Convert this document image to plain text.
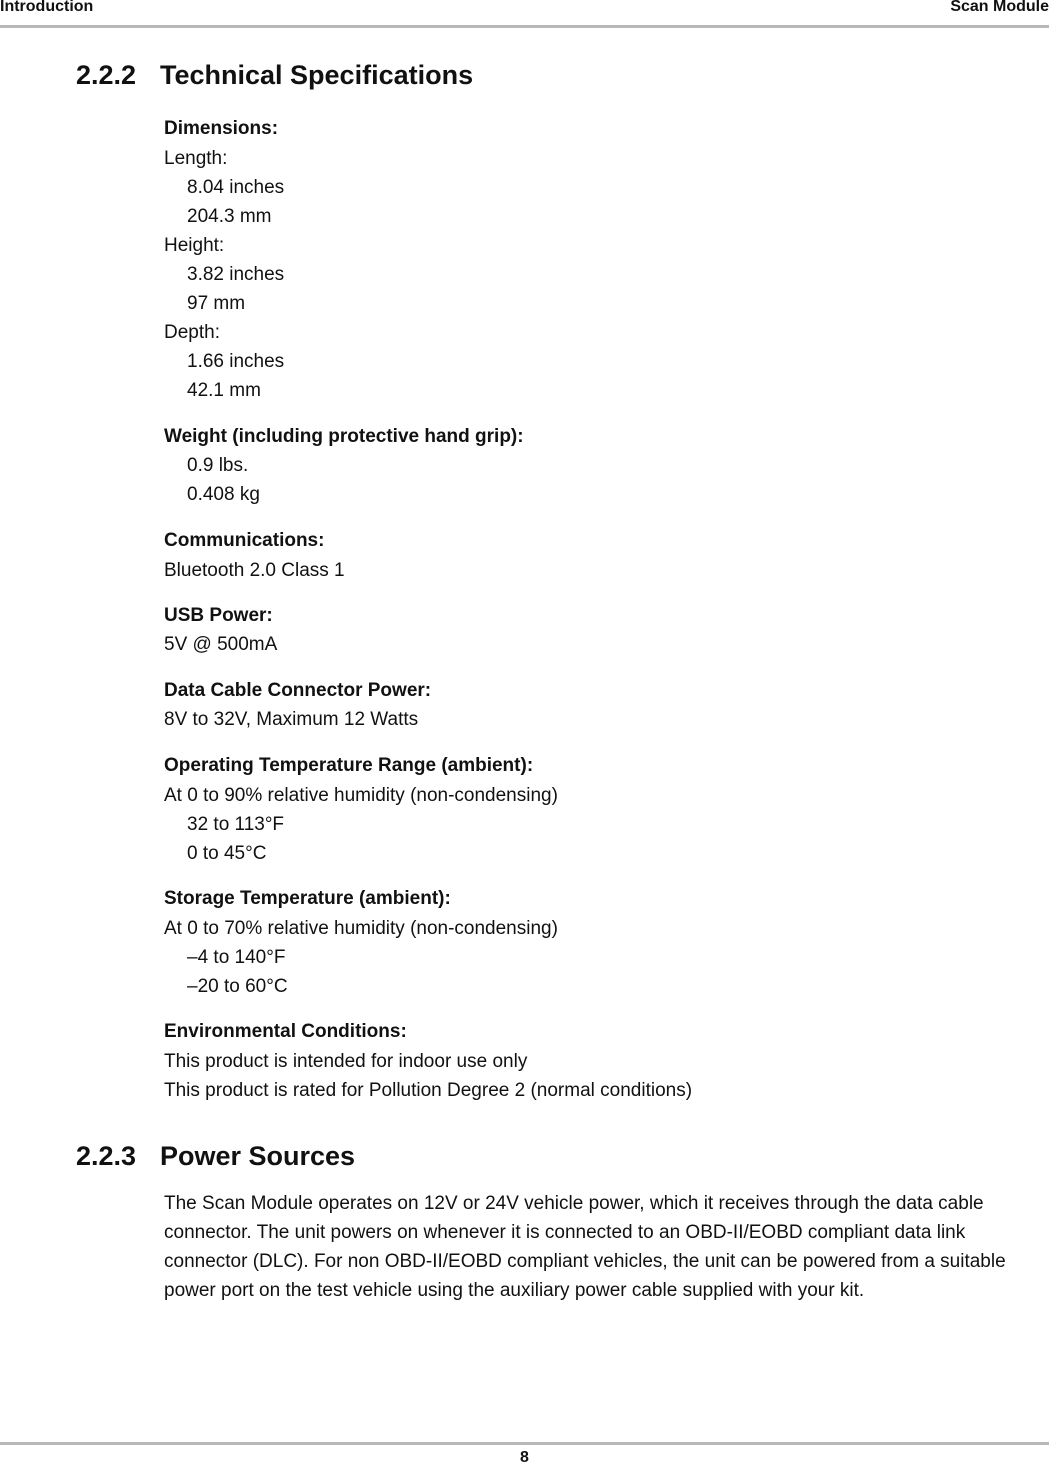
Introduction	Scan Module
2.2.2 Technical Specifications
Dimensions:
Length:
8.04 inches
204.3 mm
Height:
3.82 inches
97 mm
Depth:
1.66 inches
42.1 mm
Weight (including protective hand grip):
0.9 lbs.
0.408 kg
Communications:
Bluetooth 2.0 Class 1
USB Power:
5V @ 500mA
Data Cable Connector Power:
8V to 32V, Maximum 12 Watts
Operating Temperature Range (ambient):
At 0 to 90% relative humidity (non-condensing)
32 to 113°F
0 to 45°C
Storage Temperature (ambient):
At 0 to 70% relative humidity (non-condensing)
–4 to 140°F
–20 to 60°C
Environmental Conditions:
This product is intended for indoor use only
This product is rated for Pollution Degree 2 (normal conditions)
2.2.3 Power Sources

The Scan Module operates on 12V or 24V vehicle power, which it receives through the data cable connector. The unit powers on whenever it is connected to an OBD-II/EOBD compliant data link connector (DLC). For non OBD-II/EOBD compliant vehicles, the unit can be powered from a suitable power port on the test vehicle using the auxiliary power cable supplied with your kit.

8
